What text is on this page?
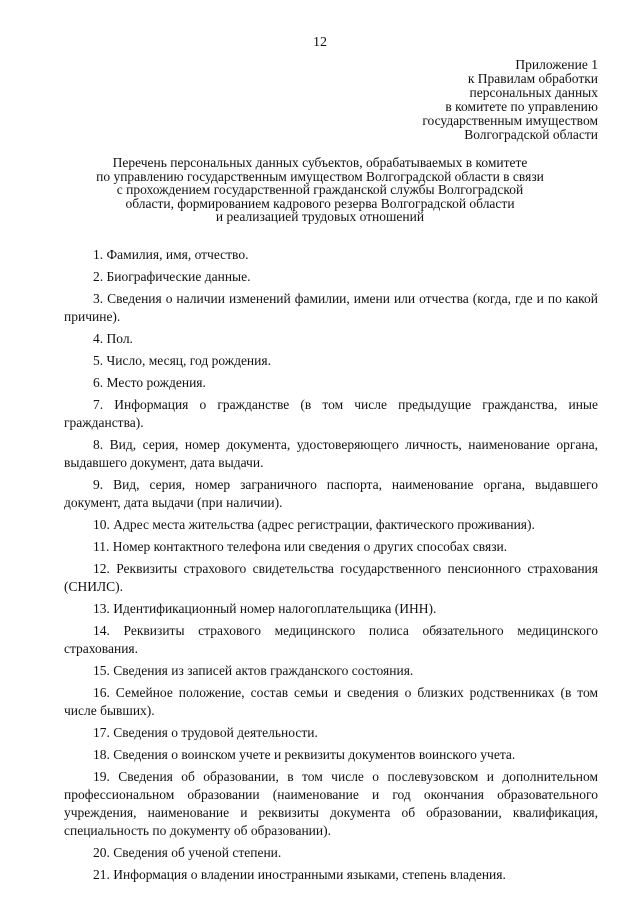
12
Приложение 1
к Правилам обработки
персональных данных
в комитете по управлению
государственным имуществом
Волгоградской области
Перечень персональных данных субъектов, обрабатываемых в комитете
по управлению государственным имуществом Волгоградской области в связи
с прохождением государственной гражданской службы Волгоградской
области, формированием кадрового резерва Волгоградской области
и реализацией трудовых отношений

1. Фамилия, имя, отчество.

2. Биографические данные.

3. Сведения о наличии изменений фамилии, имени или отчества (когда, где и по какой причине).

4. Пол.

5. Число, месяц, год рождения.

6. Место рождения.

7. Информация о гражданстве (в том числе предыдущие гражданства, иные гражданства).

8. Вид, серия, номер документа, удостоверяющего личность, наименование органа, выдавшего документ, дата выдачи.

9. Вид, серия, номер заграничного паспорта, наименование органа, выдавшего документ, дата выдачи (при наличии).

10. Адрес места жительства (адрес регистрации, фактического проживания).

11. Номер контактного телефона или сведения о других способах связи.

12. Реквизиты страхового свидетельства государственного пенсионного страхования (СНИЛС).

13. Идентификационный номер налогоплательщика (ИНН).

14. Реквизиты страхового медицинского полиса обязательного медицинского страхования.

15. Сведения из записей актов гражданского состояния.

16. Семейное положение, состав семьи и сведения о близких родственниках (в том числе бывших).

17. Сведения о трудовой деятельности.

18. Сведения о воинском учете и реквизиты документов воинского учета.

19. Сведения об образовании, в том числе о послевузовском и дополнительном профессиональном образовании (наименование и год окончания образовательного учреждения, наименование и реквизиты документа об образовании, квалификация, специальность по документу об образовании).

20. Сведения об ученой степени.

21. Информация о владении иностранными языками, степень владения.
